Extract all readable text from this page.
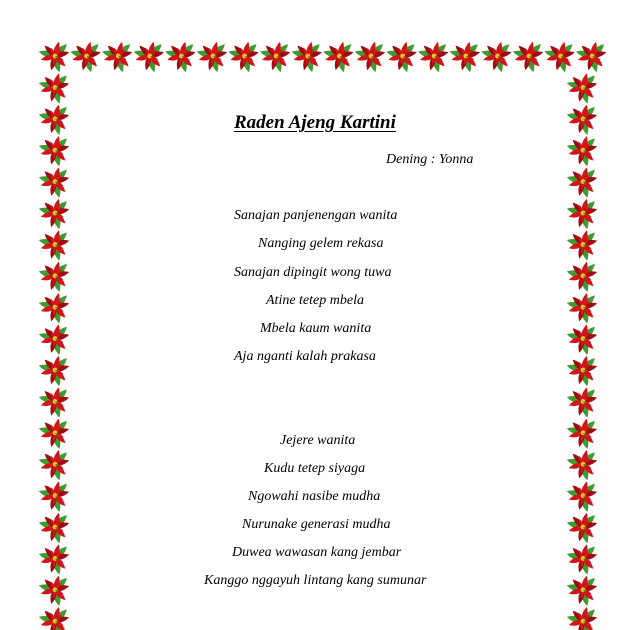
Raden Ajeng Kartini
Dening : Yonna
Sanajan panjenengan wanita
Nanging gelem rekasa
Sanajan dipingit wong tuwa
Atine tetep mbela
Mbela kaum wanita
Aja nganti kalah prakasa
Jejere wanita
Kudu tetep siyaga
Ngowahi nasibe mudha
Nurunake generasi mudha
Duwea wawasan kang jembar
Kanggo nggayuh lintang kang sumunar
